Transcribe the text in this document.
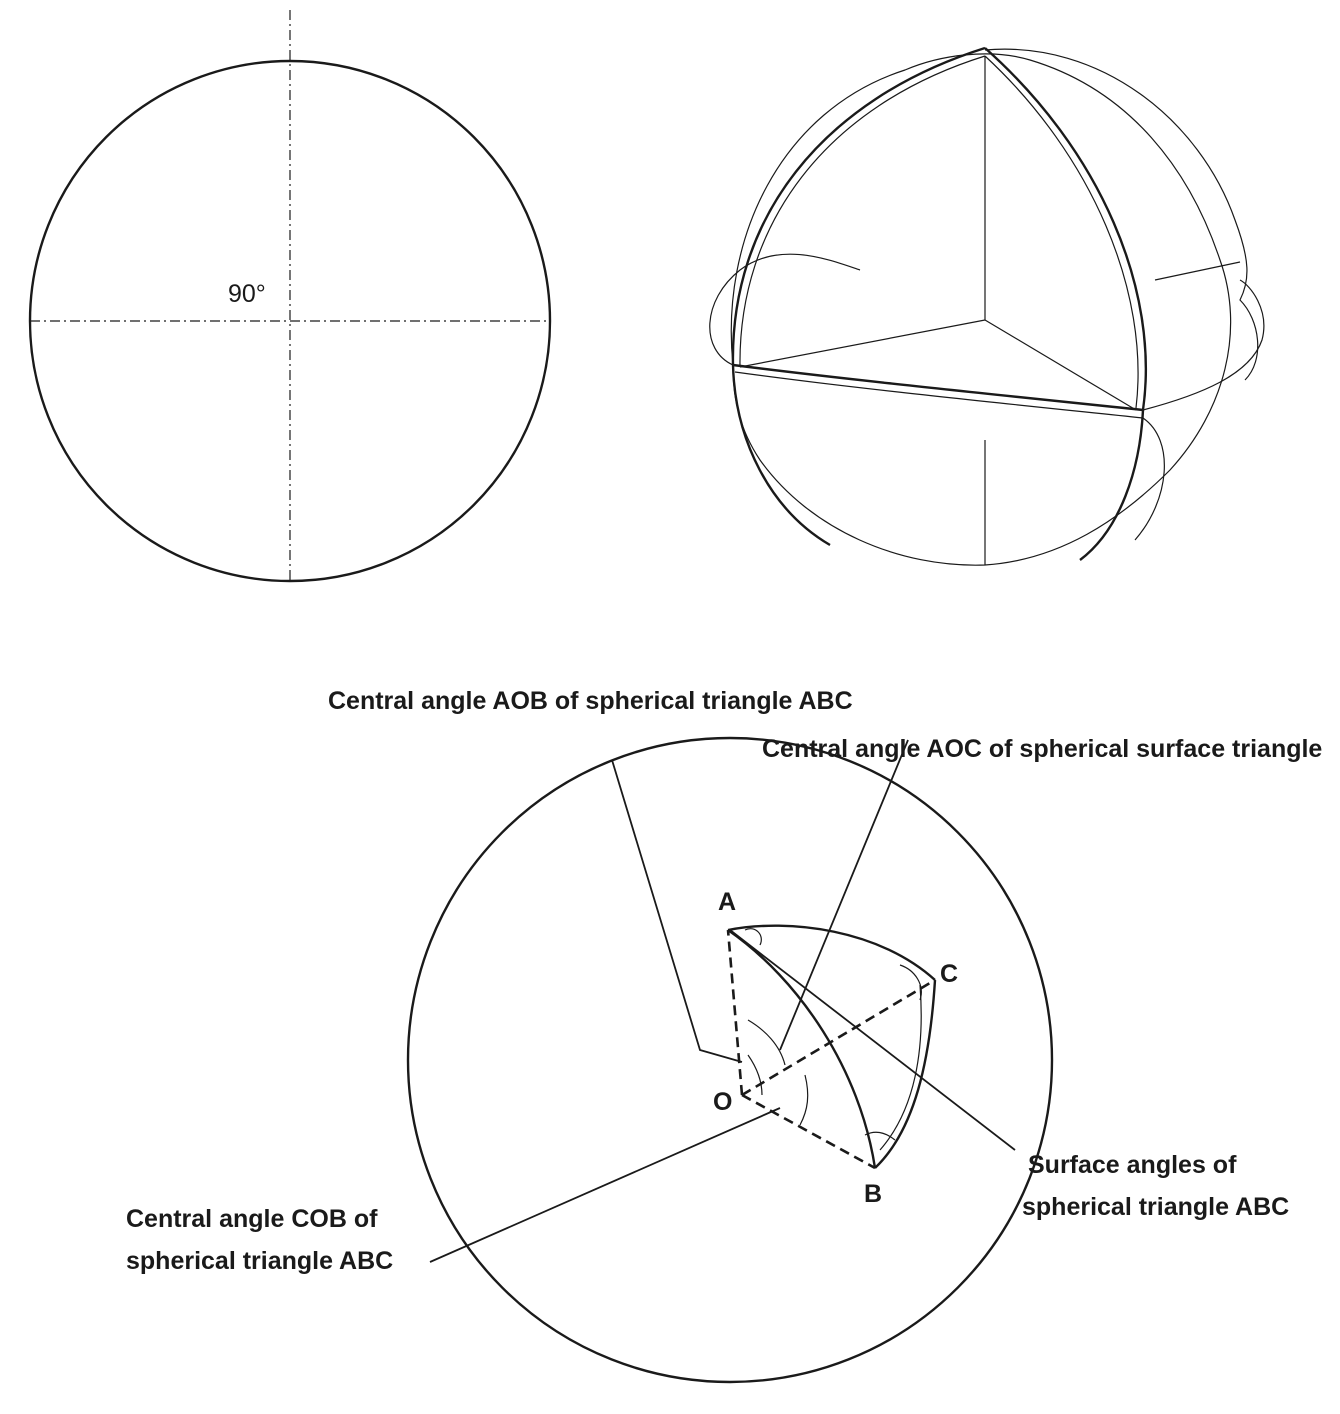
90°
A
C
O
B
Central angle AOB of spherical triangle ABC
Central angle AOC of spherical surface triangle
Central angle COB of
spherical triangle ABC
Surface angles of
spherical triangle ABC
